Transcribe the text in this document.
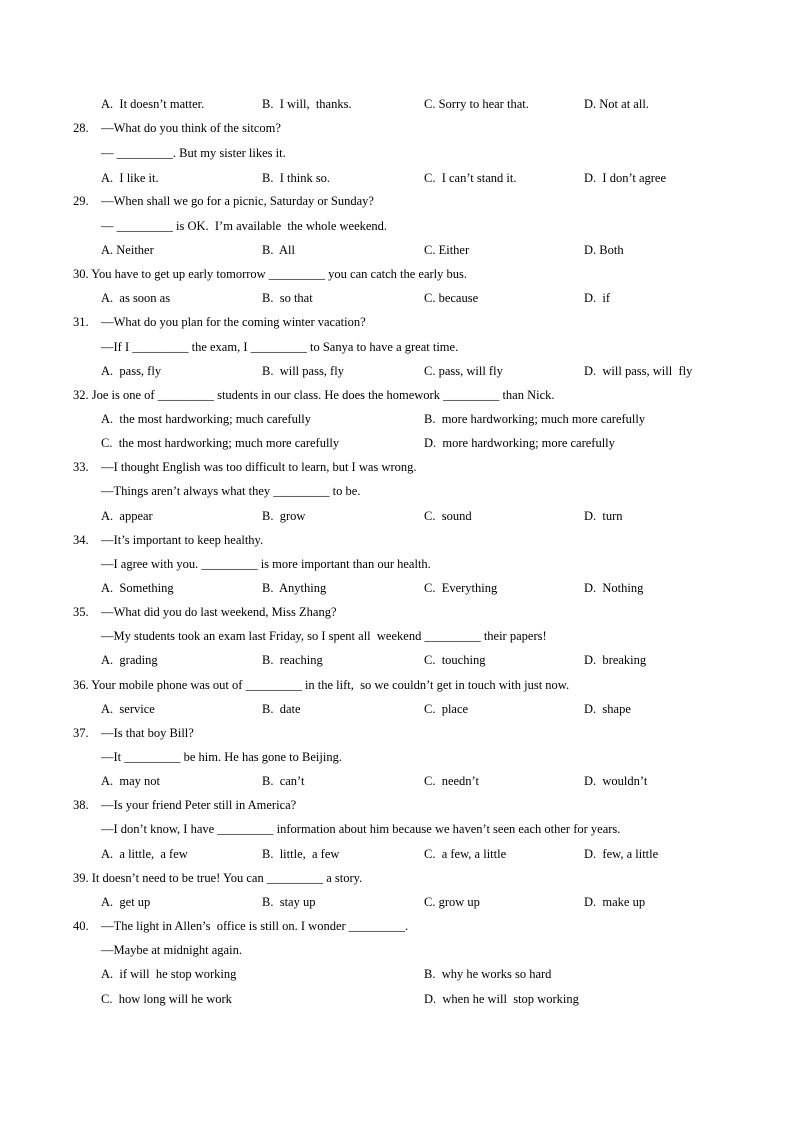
A.  It doesn’t matter.	B.  I will,  thanks.	C. Sorry to hear that.	D. Not at all.
28.    —What do you think of the sitcom?
— _________. But my sister likes it.
A.  I like it.	B.  I think so.	C.  I can’t stand it.	D.  I don’t agree
29.    —When shall we go for a picnic, Saturday or Sunday?
— _________ is OK.  I’m available  the whole weekend.
A. Neither	B.  All	C. Either	D. Both
30. You have to get up early tomorrow _________ you can catch the early bus.
A.  as soon as	B.  so that	C. because	D.  if
31.    —What do you plan for the coming winter vacation?
—If I _________ the exam, I _________ to Sanya to have a great time.
A.  pass, fly	B.  will pass, fly	C. pass, will fly	D.  will pass, will  fly
32. Joe is one of _________ students in our class. He does the homework _________ than Nick.
A.  the most hardworking; much carefully	B.  more hardworking; much more carefully
C.  the most hardworking; much more carefully	D.  more hardworking; more carefully
33.    —I thought English was too difficult to learn, but I was wrong.
—Things aren’t always what they _________ to be.
A.  appear	B.  grow	C.  sound	D.  turn
34.    —It’s important to keep healthy.
—I agree with you. _________ is more important than our health.
A.  Something	B.  Anything	C.  Everything	D.  Nothing
35.    —What did you do last weekend, Miss Zhang?
—My students took an exam last Friday, so I spent all  weekend _________ their papers!
A.  grading	B.  reaching	C.  touching	D.  breaking
36. Your mobile phone was out of _________ in the lift,  so we couldn’t get in touch with just now.
A.  service	B.  date	C.  place	D.  shape
37.    —Is that boy Bill?
—It _________ be him. He has gone to Beijing.
A.  may not	B.  can’t	C.  needn’t	D.  wouldn’t
38.    —Is your friend Peter still in America?
—I don’t know, I have _________ information about him because we haven’t seen each other for years.
A.  a little,  a few	B.  little,  a few	C.  a few, a little	D.  few, a little
39. It doesn’t need to be true! You can _________ a story.
A.  get up	B.  stay up	C. grow up	D.  make up
40.    —The light in Allen’s  office is still on. I wonder _________.
—Maybe at midnight again.
A.  if will  he stop working	B.  why he works so hard
C.  how long will he work	D.  when he will  stop working
